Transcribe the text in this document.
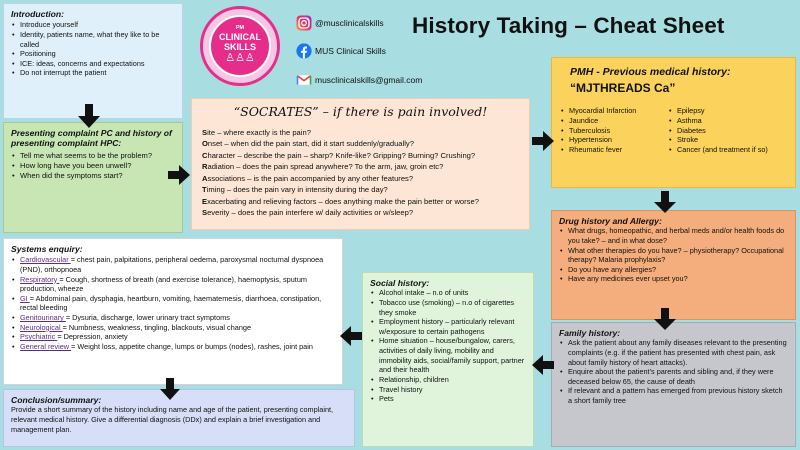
Introduction:
• Introduce yourself
• Identity, patients name, what they like to be called
• Positioning
• ICE: ideas, concerns and expectations
• Do not interrupt the patient
Presenting complaint PC and history of presenting complaint HPC:
• Tell me what seems to be the problem?
• How long have you been unwell?
• When did the symptoms start?
PM
CLINICAL
SKILLS
♙♙♙
@musclinicalskills
MUS Clinical Skills
musclinicalskills@gmail.com
History Taking – Cheat Sheet
“SOCRATES” – if there is pain involved!
Site – where exactly is the pain?
Onset – when did the pain start, did it start suddenly/gradually?
Character – describe the pain – sharp? Knife-like? Gripping? Burning? Crushing?
Radiation – does the pain spread anywhere? To the arm, jaw, groin etc?
Associations – is the pain accompanied by any other features?
Timing – does the pain vary in intensity during the day?
Exacerbating and relieving factors – does anything make the pain better or worse?
Severity – does the pain interfere w/ daily activities or w/sleep?
PMH - Previous medical history:
“MJTHREADS Ca”
• Myocardial Infarction
• Jaundice
• Tuberculosis
• Hypertension
• Rheumatic fever
• Epilepsy
• Asthma
• Diabetes
• Stroke
• Cancer (and treatment if so)
Drug history and Allergy:
• What drugs, homeopathic, and herbal meds and/or health foods do you take? – and in what dose?
• What other therapies do you have? – physiotherapy? Occupational therapy? Malaria prophylaxis?
• Do you have any allergies?
• Have any medicines ever upset you?
Family history:
• Ask the patient about any family diseases relevant to the presenting complaints (e.g. if the patient has presented with chest pain, ask about family history of heart attacks).
• Enquire about the patient’s parents and sibling and, if they were deceased below 65, the cause of death
• If relevant and a pattern has emerged from previous history sketch a short family tree
Social history:
• Alcohol intake – n.o of units
• Tobacco use (smoking) – n.o of cigarettes they smoke
• Employment history – particularly relevant w/exposure to certain pathogens
• Home situation – house/bungalow, carers, activities of daily living, mobility and immobility aids, social/family support, partner and their health
• Relationship, children
• Travel history
• Pets
Systems enquiry:
• Cardiovascular = chest pain, palpitations, peripheral oedema, paroxysmal nocturnal dyspnoea (PND), orthopnoea
• Respiratory = Cough, shortness of breath (and exercise tolerance), haemoptysis, sputum production, wheeze
• GI = Abdominal pain, dysphagia, heartburn, vomiting, haematemesis, diarrhoea, constipation, rectal bleeding
• Genitourinary = Dysuria, discharge, lower urinary tract symptoms
• Neurological = Numbness, weakness, tingling, blackouts, visual change
• Psychiatric = Depression, anxiety
• General review = Weight loss, appetite change, lumps or bumps (nodes), rashes, joint pain
Conclusion/summary:
Provide a short summary of the history including name and age of the patient, presenting complaint, relevant medical history. Give a differential diagnosis (DDx) and explain a brief investigation and management plan.
